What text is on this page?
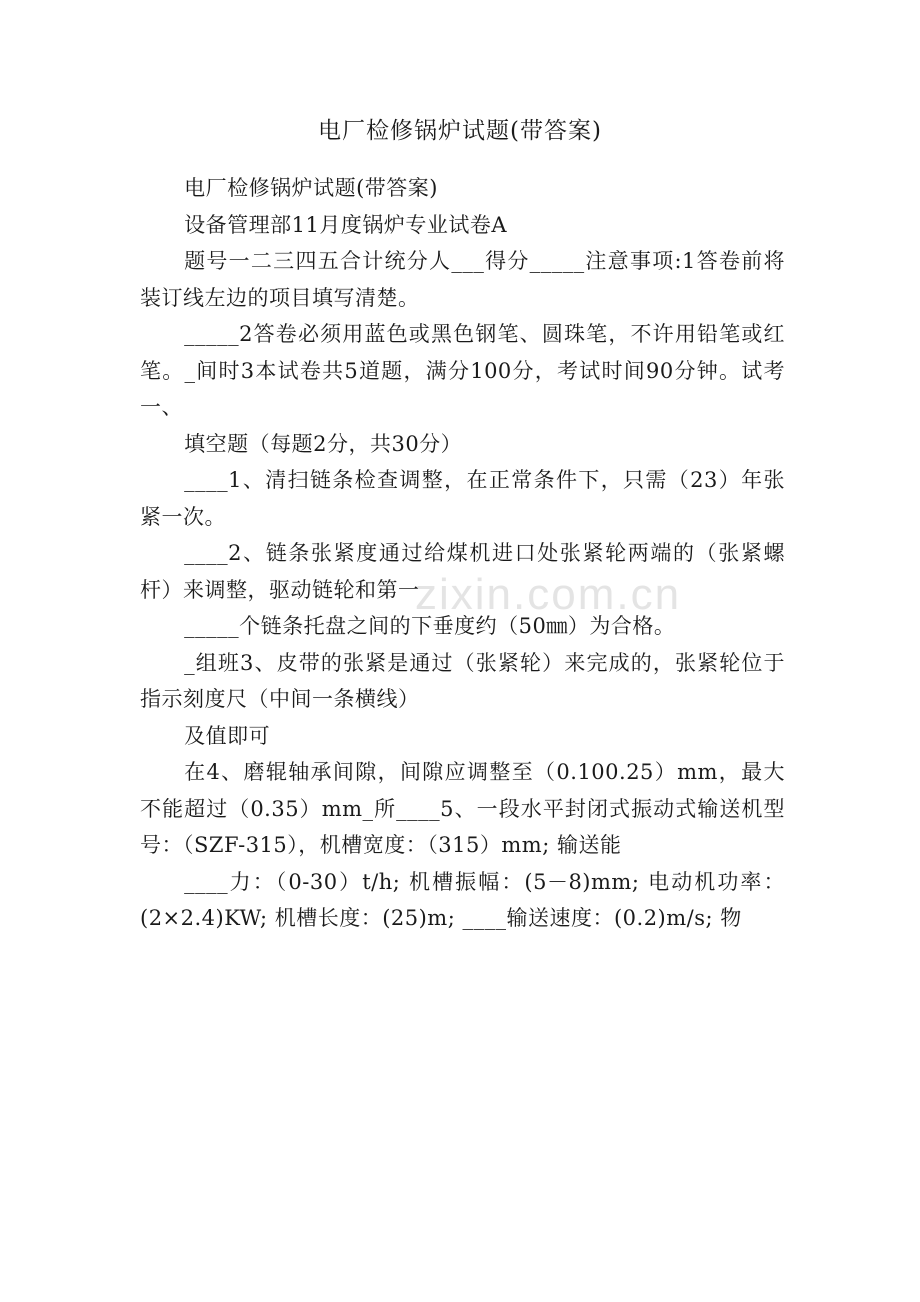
电厂检修锅炉试题(带答案)
zixin.com.cn

电厂检修锅炉试题(带答案)

设备管理部11月度锅炉专业试卷A

题号一二三四五合计统分人___得分_____注意事项:1答卷前将装订线左边的项目填写清楚。

_____2答卷必须用蓝色或黑色钢笔、圆珠笔，不许用铅笔或红笔。_间时3本试卷共5道题，满分100分，考试时间90分钟。试考一、

填空题（每题2分，共30分）

____1、清扫链条检查调整，在正常条件下，只需（23）年张紧一次。

____2、链条张紧度通过给煤机进口处张紧轮两端的（张紧螺杆）来调整，驱动链轮和第一

_____个链条托盘之间的下垂度约（50㎜）为合格。

_组班3、皮带的张紧是通过（张紧轮）来完成的，张紧轮位于指示刻度尺（中间一条横线）

及值即可

在4、磨辊轴承间隙，间隙应调整至（0.100.25）mm，最大不能超过（0.35）mm_所____5、一段水平封闭式振动式输送机型号：（SZF-315），机槽宽度：（315）mm; 输送能

____力：（0-30）t/h; 机槽振幅：(5－8)mm; 电动机功率：(2×2.4)KW; 机槽长度：(25)m; ____输送速度：(0.2)m/s; 物
